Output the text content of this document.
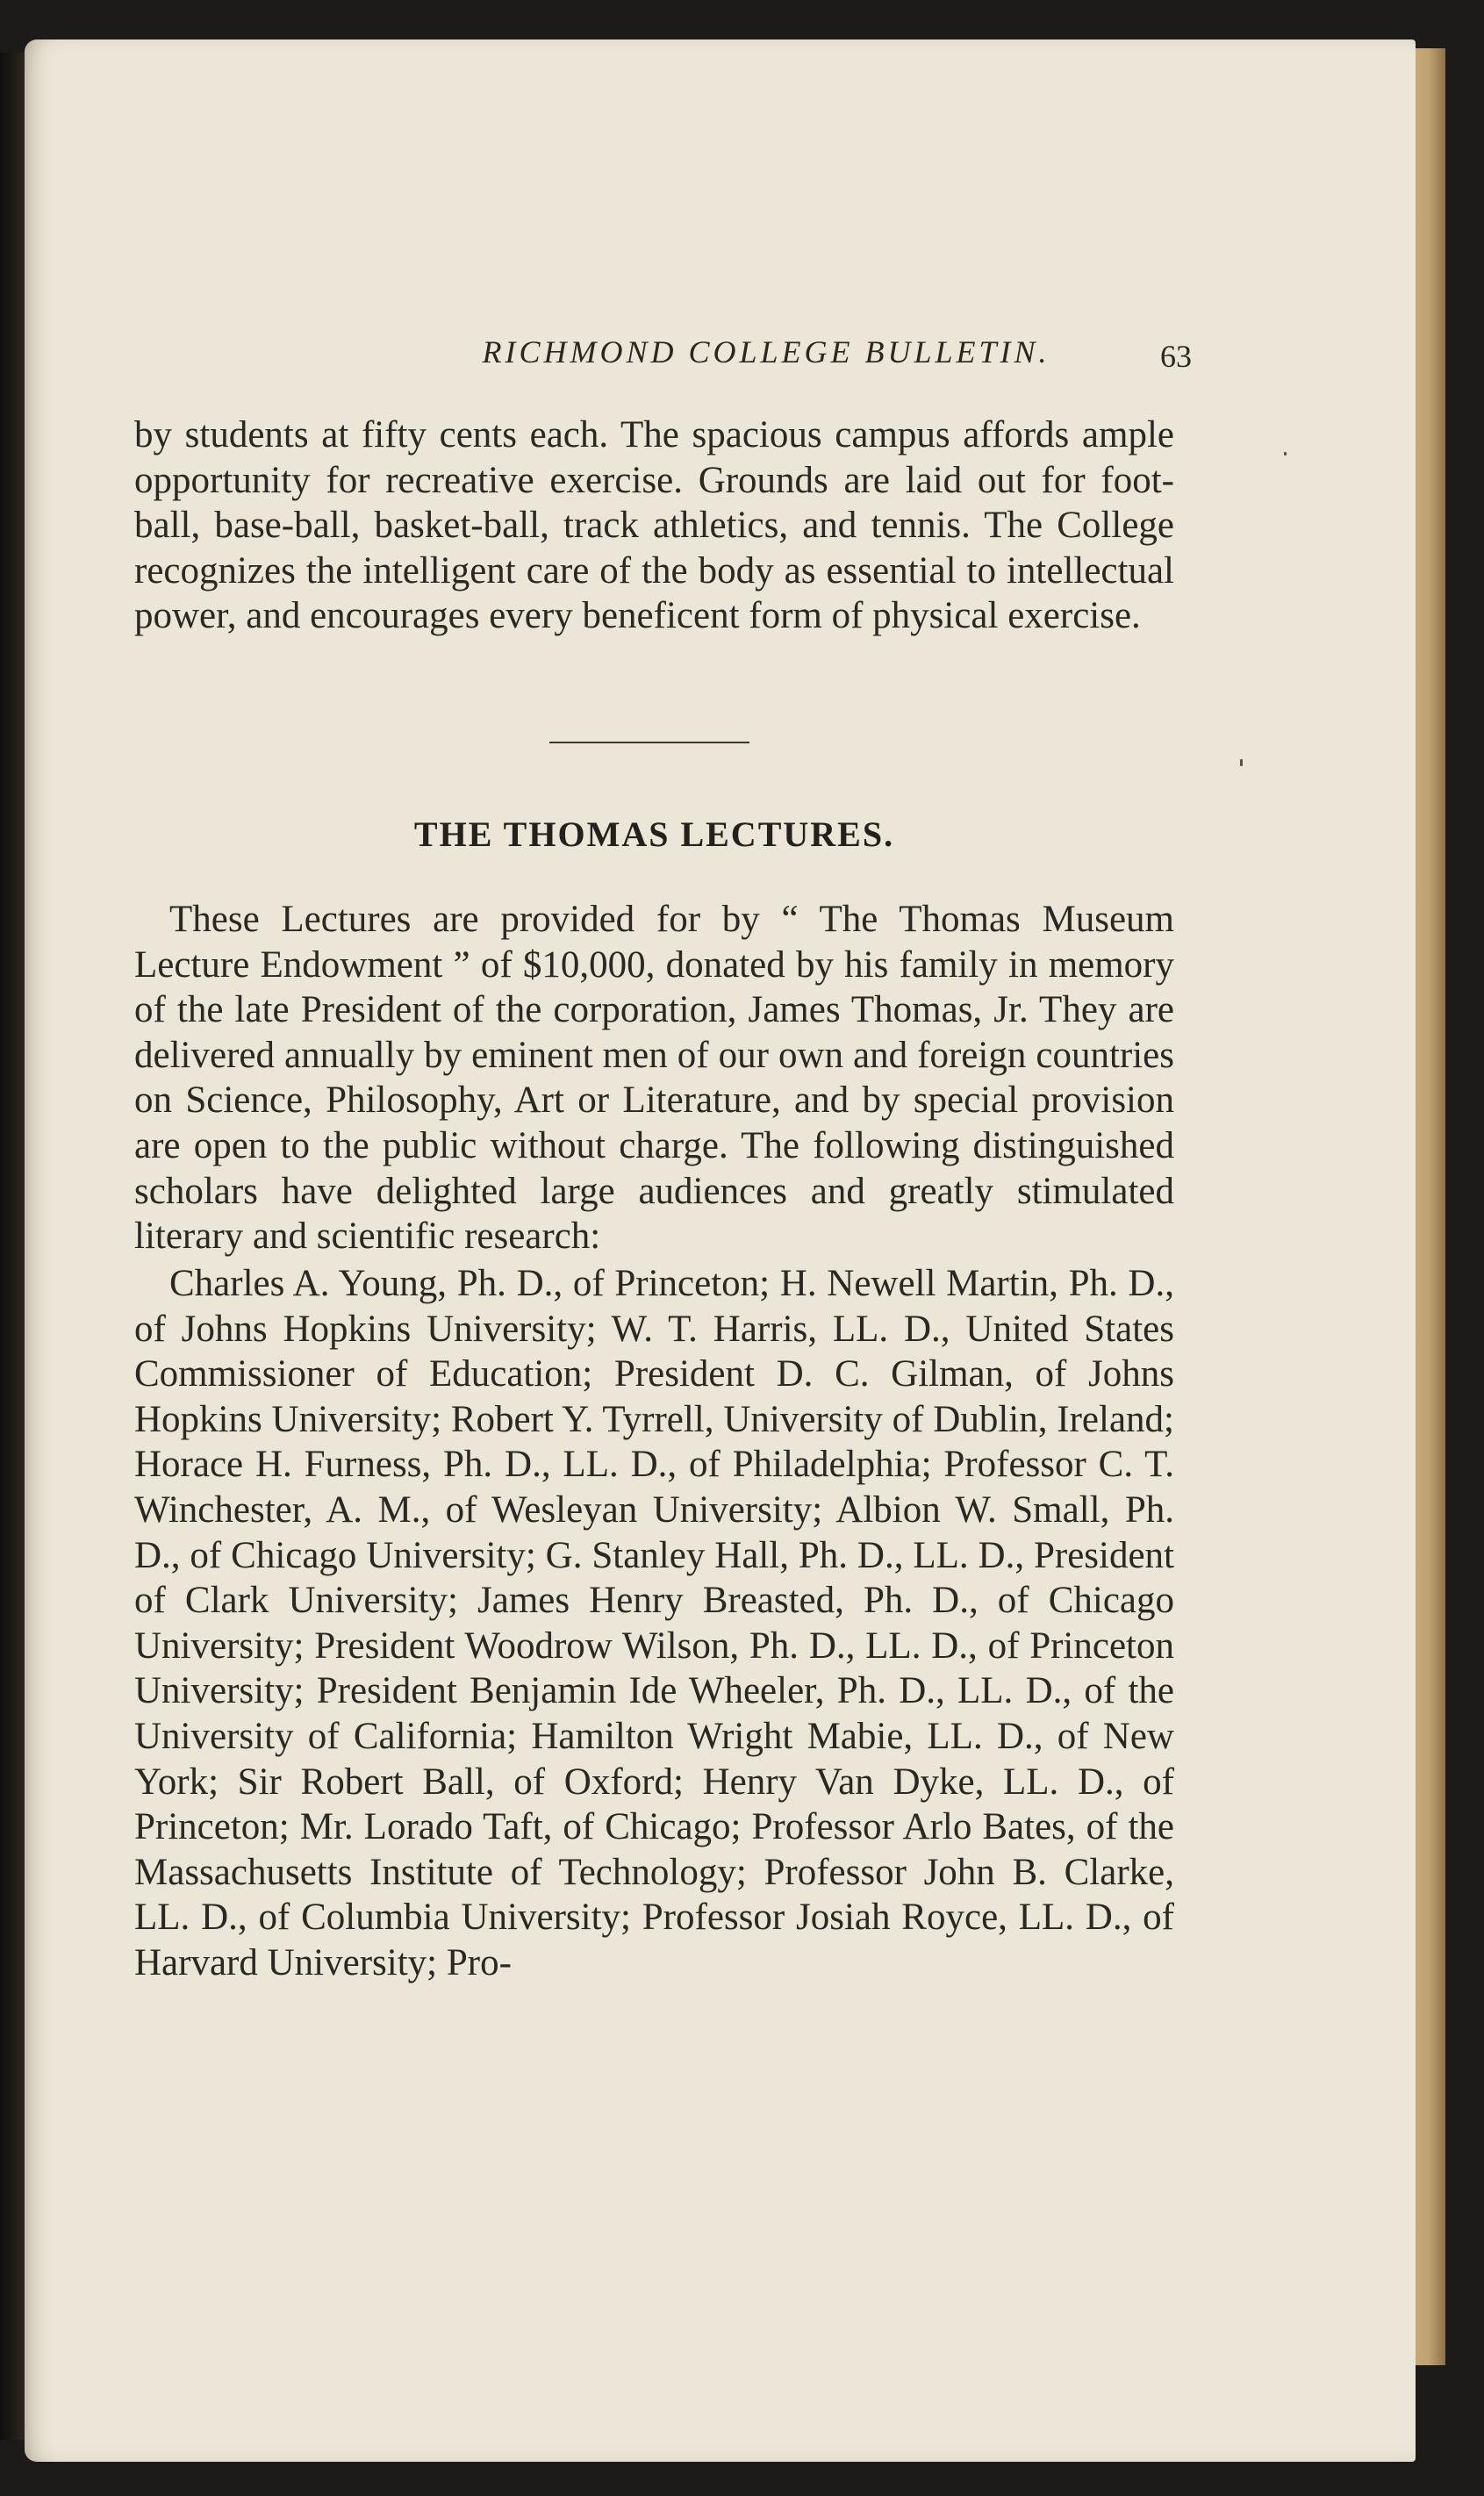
RICHMOND COLLEGE BULLETIN.	63

by students at fifty cents each. The spacious campus affords ample opportunity for recreative exercise. Grounds are laid out for foot-ball, base-ball, basket-ball, track athletics, and tennis. The College recognizes the intelligent care of the body as essential to intellectual power, and encourages every beneficent form of physical exercise.

THE THOMAS LECTURES.

These Lectures are provided for by “ The Thomas Museum Lecture Endowment ” of $10,000, donated by his family in memory of the late President of the corporation, James Thomas, Jr. They are delivered annually by eminent men of our own and foreign countries on Science, Philosophy, Art or Literature, and by special provision are open to the public without charge. The following distinguished scholars have delighted large audiences and greatly stimulated literary and scientific research:

Charles A. Young, Ph. D., of Princeton; H. Newell Martin, Ph. D., of Johns Hopkins University; W. T. Harris, LL. D., United States Commissioner of Education; President D. C. Gilman, of Johns Hopkins University; Robert Y. Tyrrell, University of Dublin, Ireland; Horace H. Furness, Ph. D., LL. D., of Philadelphia; Professor C. T. Winchester, A. M., of Wesleyan University; Albion W. Small, Ph. D., of Chicago University; G. Stanley Hall, Ph. D., LL. D., President of Clark University; James Henry Breasted, Ph. D., of Chicago University; President Woodrow Wilson, Ph. D., LL. D., of Princeton University; President Benjamin Ide Wheeler, Ph. D., LL. D., of the University of California; Hamilton Wright Mabie, LL. D., of New York; Sir Robert Ball, of Oxford; Henry Van Dyke, LL. D., of Princeton; Mr. Lorado Taft, of Chicago; Professor Arlo Bates, of the Massachusetts Institute of Technology; Professor John B. Clarke, LL. D., of Columbia University; Professor Josiah Royce, LL. D., of Harvard University; Pro-
